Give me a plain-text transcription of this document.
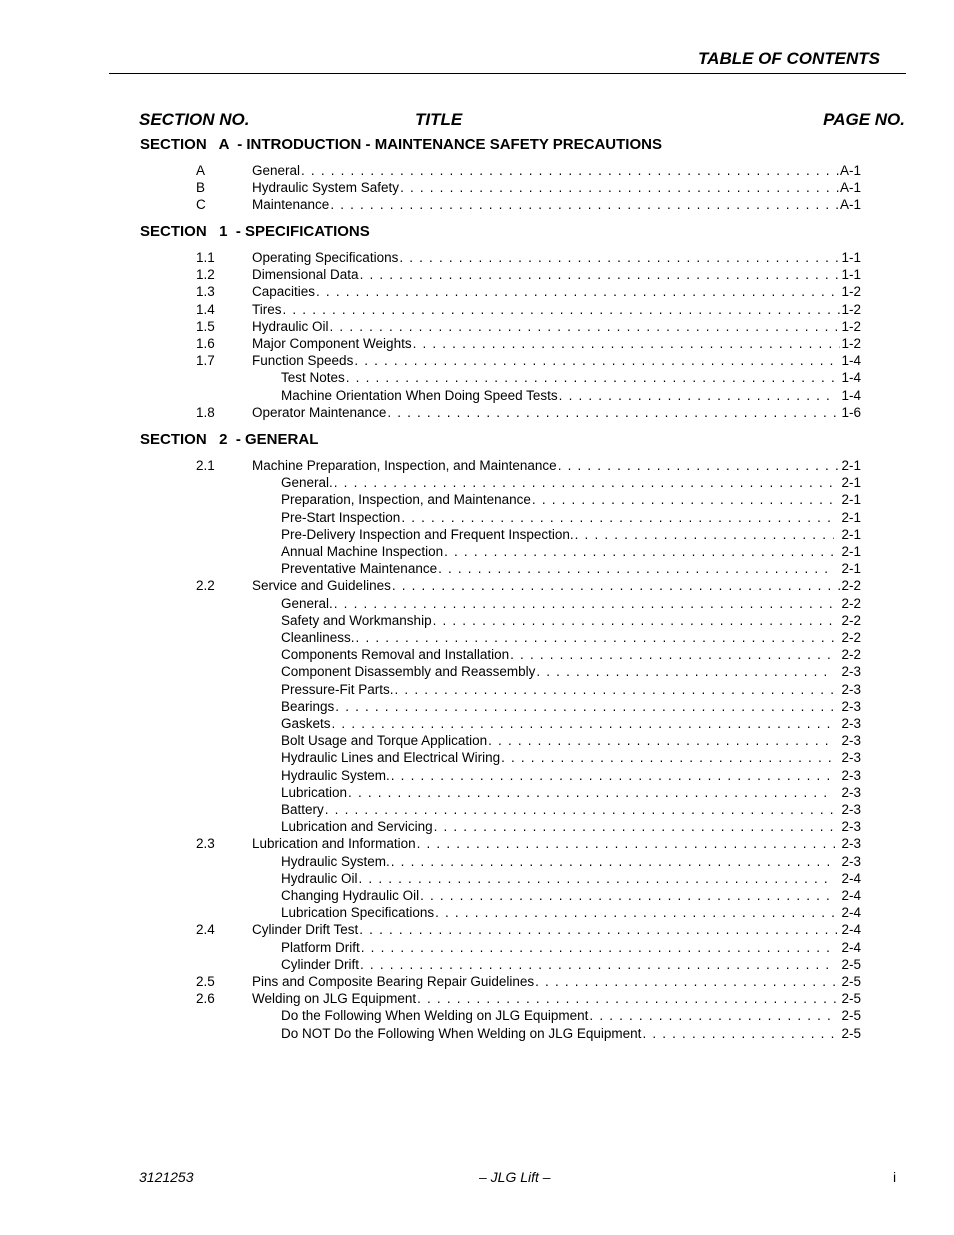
TABLE OF CONTENTS
SECTION NO.	TITLE	PAGE NO.
SECTION   A  - INTRODUCTION - MAINTENANCE SAFETY PRECAUTIONS
A	General . . .	A-1
B	Hydraulic System Safety . . .	A-1
C	Maintenance . . .	A-1
SECTION   1  - SPECIFICATIONS
1.1	Operating Specifications . . .	1-1
1.2	Dimensional Data . . .	1-1
1.3	Capacities . . .	1-2
1.4	Tires . . .	1-2
1.5	Hydraulic Oil . . .	1-2
1.6	Major Component Weights . . .	1-2
1.7	Function Speeds . . .	1-4
Test Notes . . .	1-4
Machine Orientation When Doing Speed Tests . . .	1-4
1.8	Operator Maintenance . . .	1-6
SECTION   2  - GENERAL
2.1	Machine Preparation, Inspection, and Maintenance . . .	2-1
General. . . .	2-1
Preparation, Inspection, and Maintenance . . .	2-1
Pre-Start Inspection . . .	2-1
Pre-Delivery Inspection and Frequent Inspection. . . .	2-1
Annual Machine Inspection . . .	2-1
Preventative Maintenance . . .	2-1
2.2	Service and Guidelines . . .	2-2
General. . . .	2-2
Safety and Workmanship . . .	2-2
Cleanliness. . . .	2-2
Components Removal and Installation . . .	2-2
Component Disassembly and Reassembly . . .	2-3
Pressure-Fit Parts. . . .	2-3
Bearings . . .	2-3
Gaskets . . .	2-3
Bolt Usage and Torque Application . . .	2-3
Hydraulic Lines and Electrical Wiring . . .	2-3
Hydraulic System. . . .	2-3
Lubrication . . .	2-3
Battery . . .	2-3
Lubrication and Servicing . . .	2-3
2.3	Lubrication and Information . . .	2-3
Hydraulic System. . . .	2-3
Hydraulic Oil . . .	2-4
Changing Hydraulic Oil . . .	2-4
Lubrication Specifications . . .	2-4
2.4	Cylinder Drift Test . . .	2-4
Platform Drift . . .	2-4
Cylinder Drift . . .	2-5
2.5	Pins and Composite Bearing Repair Guidelines . . .	2-5
2.6	Welding on JLG Equipment . . .	2-5
Do the Following When Welding on JLG Equipment . . .	2-5
Do NOT Do the Following When Welding on JLG Equipment . . .	2-5
3121253	– JLG Lift –	i
